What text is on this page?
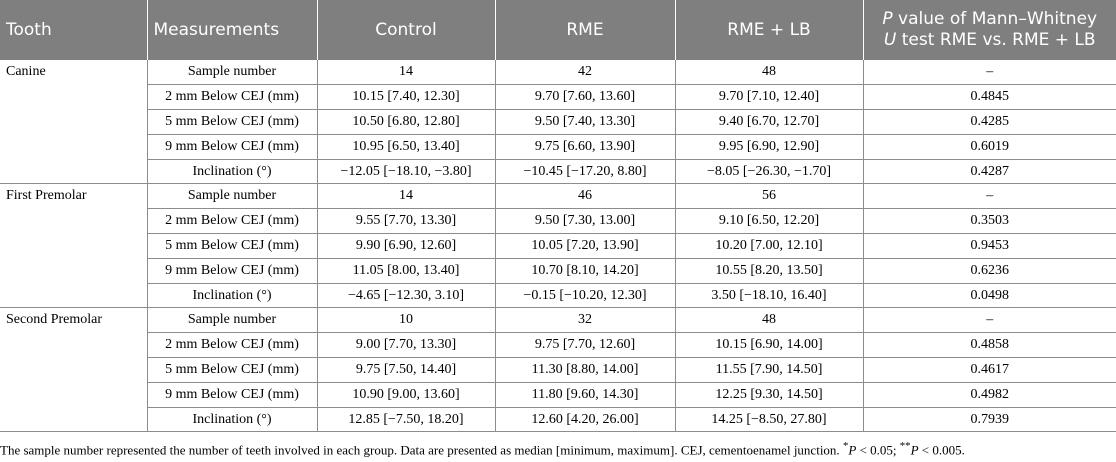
Tooth	Measurements	Control	RME	RME + LB	P value of Mann–Whitney
U test RME vs. RME + LB
Canine	Sample number	14	42	48	–
	2 mm Below CEJ (mm)	10.15 [7.40, 12.30]	9.70 [7.60, 13.60]	9.70 [7.10, 12.40]	0.4845
	5 mm Below CEJ (mm)	10.50 [6.80, 12.80]	9.50 [7.40, 13.30]	9.40 [6.70, 12.70]	0.4285
	9 mm Below CEJ (mm)	10.95 [6.50, 13.40]	9.75 [6.60, 13.90]	9.95 [6.90, 12.90]	0.6019
	Inclination (°)	−12.05 [−18.10, −3.80]	−10.45 [−17.20, 8.80]	−8.05 [−26.30, −1.70]	0.4287
First Premolar	Sample number	14	46	56	–
	2 mm Below CEJ (mm)	9.55 [7.70, 13.30]	9.50 [7.30, 13.00]	9.10 [6.50, 12.20]	0.3503
	5 mm Below CEJ (mm)	9.90 [6.90, 12.60]	10.05 [7.20, 13.90]	10.20 [7.00, 12.10]	0.9453
	9 mm Below CEJ (mm)	11.05 [8.00, 13.40]	10.70 [8.10, 14.20]	10.55 [8.20, 13.50]	0.6236
	Inclination (°)	−4.65 [−12.30, 3.10]	−0.15 [−10.20, 12.30]	3.50 [−18.10, 16.40]	0.0498
Second Premolar	Sample number	10	32	48	–
	2 mm Below CEJ (mm)	9.00 [7.70, 13.30]	9.75 [7.70, 12.60]	10.15 [6.90, 14.00]	0.4858
	5 mm Below CEJ (mm)	9.75 [7.50, 14.40]	11.30 [8.80, 14.00]	11.55 [7.90, 14.50]	0.4617
	9 mm Below CEJ (mm)	10.90 [9.00, 13.60]	11.80 [9.60, 14.30]	12.25 [9.30, 14.50]	0.4982
	Inclination (°)	12.85 [−7.50, 18.20]	12.60 [4.20, 26.00]	14.25 [−8.50, 27.80]	0.7939
The sample number represented the number of teeth involved in each group. Data are presented as median [minimum, maximum]. CEJ, cementoenamel junction. *P < 0.05; **P < 0.005.
